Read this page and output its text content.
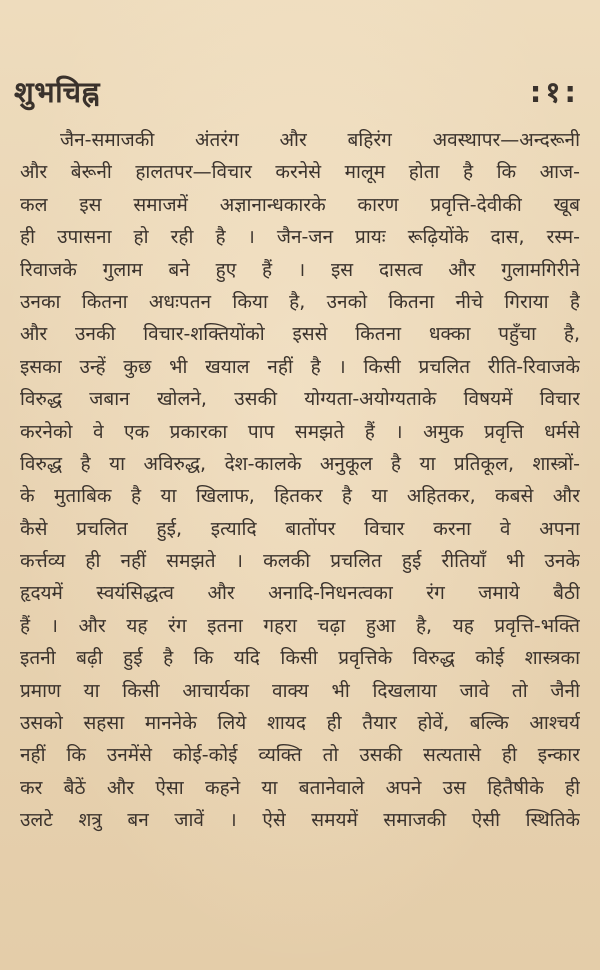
शुभचिह्न	:१:
जैन-समाजकी अंतरंग और बहिरंग अवस्थापर—अन्दरूनी
और बेरूनी हालतपर—विचार करनेसे मालूम होता है कि आज-
कल इस समाजमें अज्ञानान्धकारके कारण प्रवृत्ति-देवीकी खूब
ही उपासना हो रही है । जैन-जन प्रायः रूढ़ियोंके दास, रस्म-
रिवाजके गुलाम बने हुए हैं । इस दासत्व और गुलामगिरीने
उनका कितना अधःपतन किया है, उनको कितना नीचे गिराया है
और उनकी विचार-शक्तियोंको इससे कितना धक्का पहुँचा है,
इसका उन्हें कुछ भी खयाल नहीं है । किसी प्रचलित रीति-रिवाजके
विरुद्ध जबान खोलने, उसकी योग्यता-अयोग्यताके विषयमें विचार
करनेको वे एक प्रकारका पाप समझते हैं । अमुक प्रवृत्ति धर्मसे
विरुद्ध है या अविरुद्ध, देश-कालके अनुकूल है या प्रतिकूल, शास्त्रों-
के मुताबिक है या खिलाफ, हितकर है या अहितकर, कबसे और
कैसे प्रचलित हुई, इत्यादि बातोंपर विचार करना वे अपना
कर्त्तव्य ही नहीं समझते । कलकी प्रचलित हुई रीतियाँ भी उनके
हृदयमें स्वयंसिद्धत्व और अनादि-निधनत्वका रंग जमाये बैठी
हैं । और यह रंग इतना गहरा चढ़ा हुआ है, यह प्रवृत्ति-भक्ति
इतनी बढ़ी हुई है कि यदि किसी प्रवृत्तिके विरुद्ध कोई शास्त्रका
प्रमाण या किसी आचार्यका वाक्य भी दिखलाया जावे तो जैनी
उसको सहसा माननेके लिये शायद ही तैयार होवें, बल्कि आश्चर्य
नहीं कि उनमेंसे कोई-कोई व्यक्ति तो उसकी सत्यतासे ही इन्कार
कर बैठें और ऐसा कहने या बतानेवाले अपने उस हितैषीके ही
उलटे शत्रु बन जावें । ऐसे समयमें समाजकी ऐसी स्थितिके
